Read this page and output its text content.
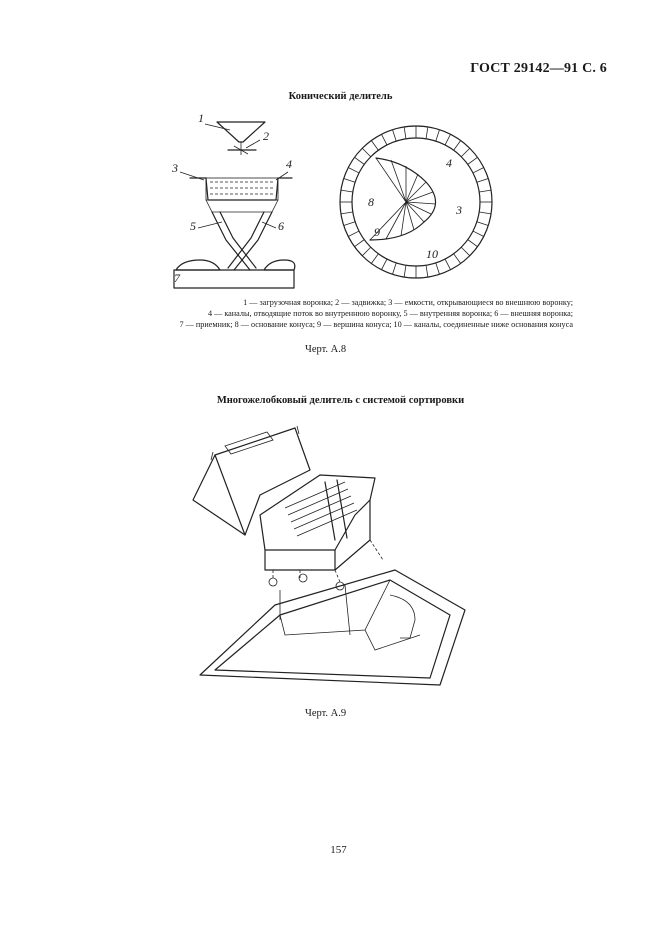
ГОСТ 29142—91 С. 6
Конический делитель
1
2
3	4
5	6
7
4
3
8
9
10
1 — загрузочная воронка; 2 — задвижка; 3 — емкости, открывающиеся во внешнюю воронку;
4 — каналы, отводящие поток во внутреннюю воронку, 5 — внутренняя воронка; 6 — внешняя воронка;
7 — приемник; 8 — основание конуса; 9 — вершина конуса; 10 — каналы, соединенные ниже основания конуса
Черт. А.8
Многожелобковый делитель с системой сортировки
Черт. А.9
157
